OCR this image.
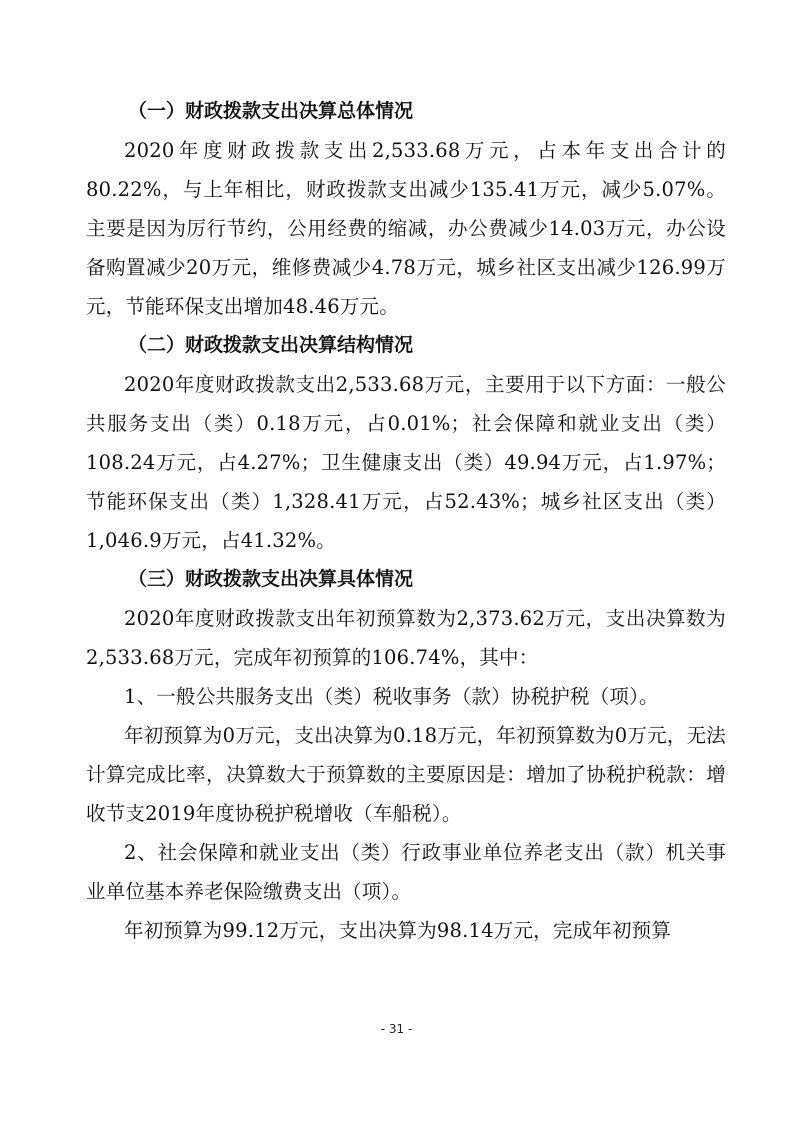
（一）财政拨款支出决算总体情况

2020年度财政拨款支出2,533.68万元，占本年支出合计的80.22%，与上年相比，财政拨款支出减少135.41万元，减少5.07%。主要是因为厉行节约，公用经费的缩减，办公费减少14.03万元，办公设备购置减少20万元，维修费减少4.78万元，城乡社区支出减少126.99万元，节能环保支出增加48.46万元。

（二）财政拨款支出决算结构情况

2020年度财政拨款支出2,533.68万元，主要用于以下方面：一般公共服务支出（类）0.18万元，占0.01%；社会保障和就业支出（类）108.24万元，占4.27%；卫生健康支出（类）49.94万元，占1.97%；节能环保支出（类）1,328.41万元，占52.43%；城乡社区支出（类）1,046.9万元，占41.32%。

（三）财政拨款支出决算具体情况

2020年度财政拨款支出年初预算数为2,373.62万元，支出决算数为2,533.68万元，完成年初预算的106.74%，其中：

1、一般公共服务支出（类）税收事务（款）协税护税（项）。

年初预算为0万元，支出决算为0.18万元，年初预算数为0万元，无法计算完成比率，决算数大于预算数的主要原因是：增加了协税护税款：增收节支2019年度协税护税增收（车船税）。

2、社会保障和就业支出（类）行政事业单位养老支出（款）机关事业单位基本养老保险缴费支出（项）。

年初预算为99.12万元，支出决算为98.14万元，完成年初预算

- 31 -
